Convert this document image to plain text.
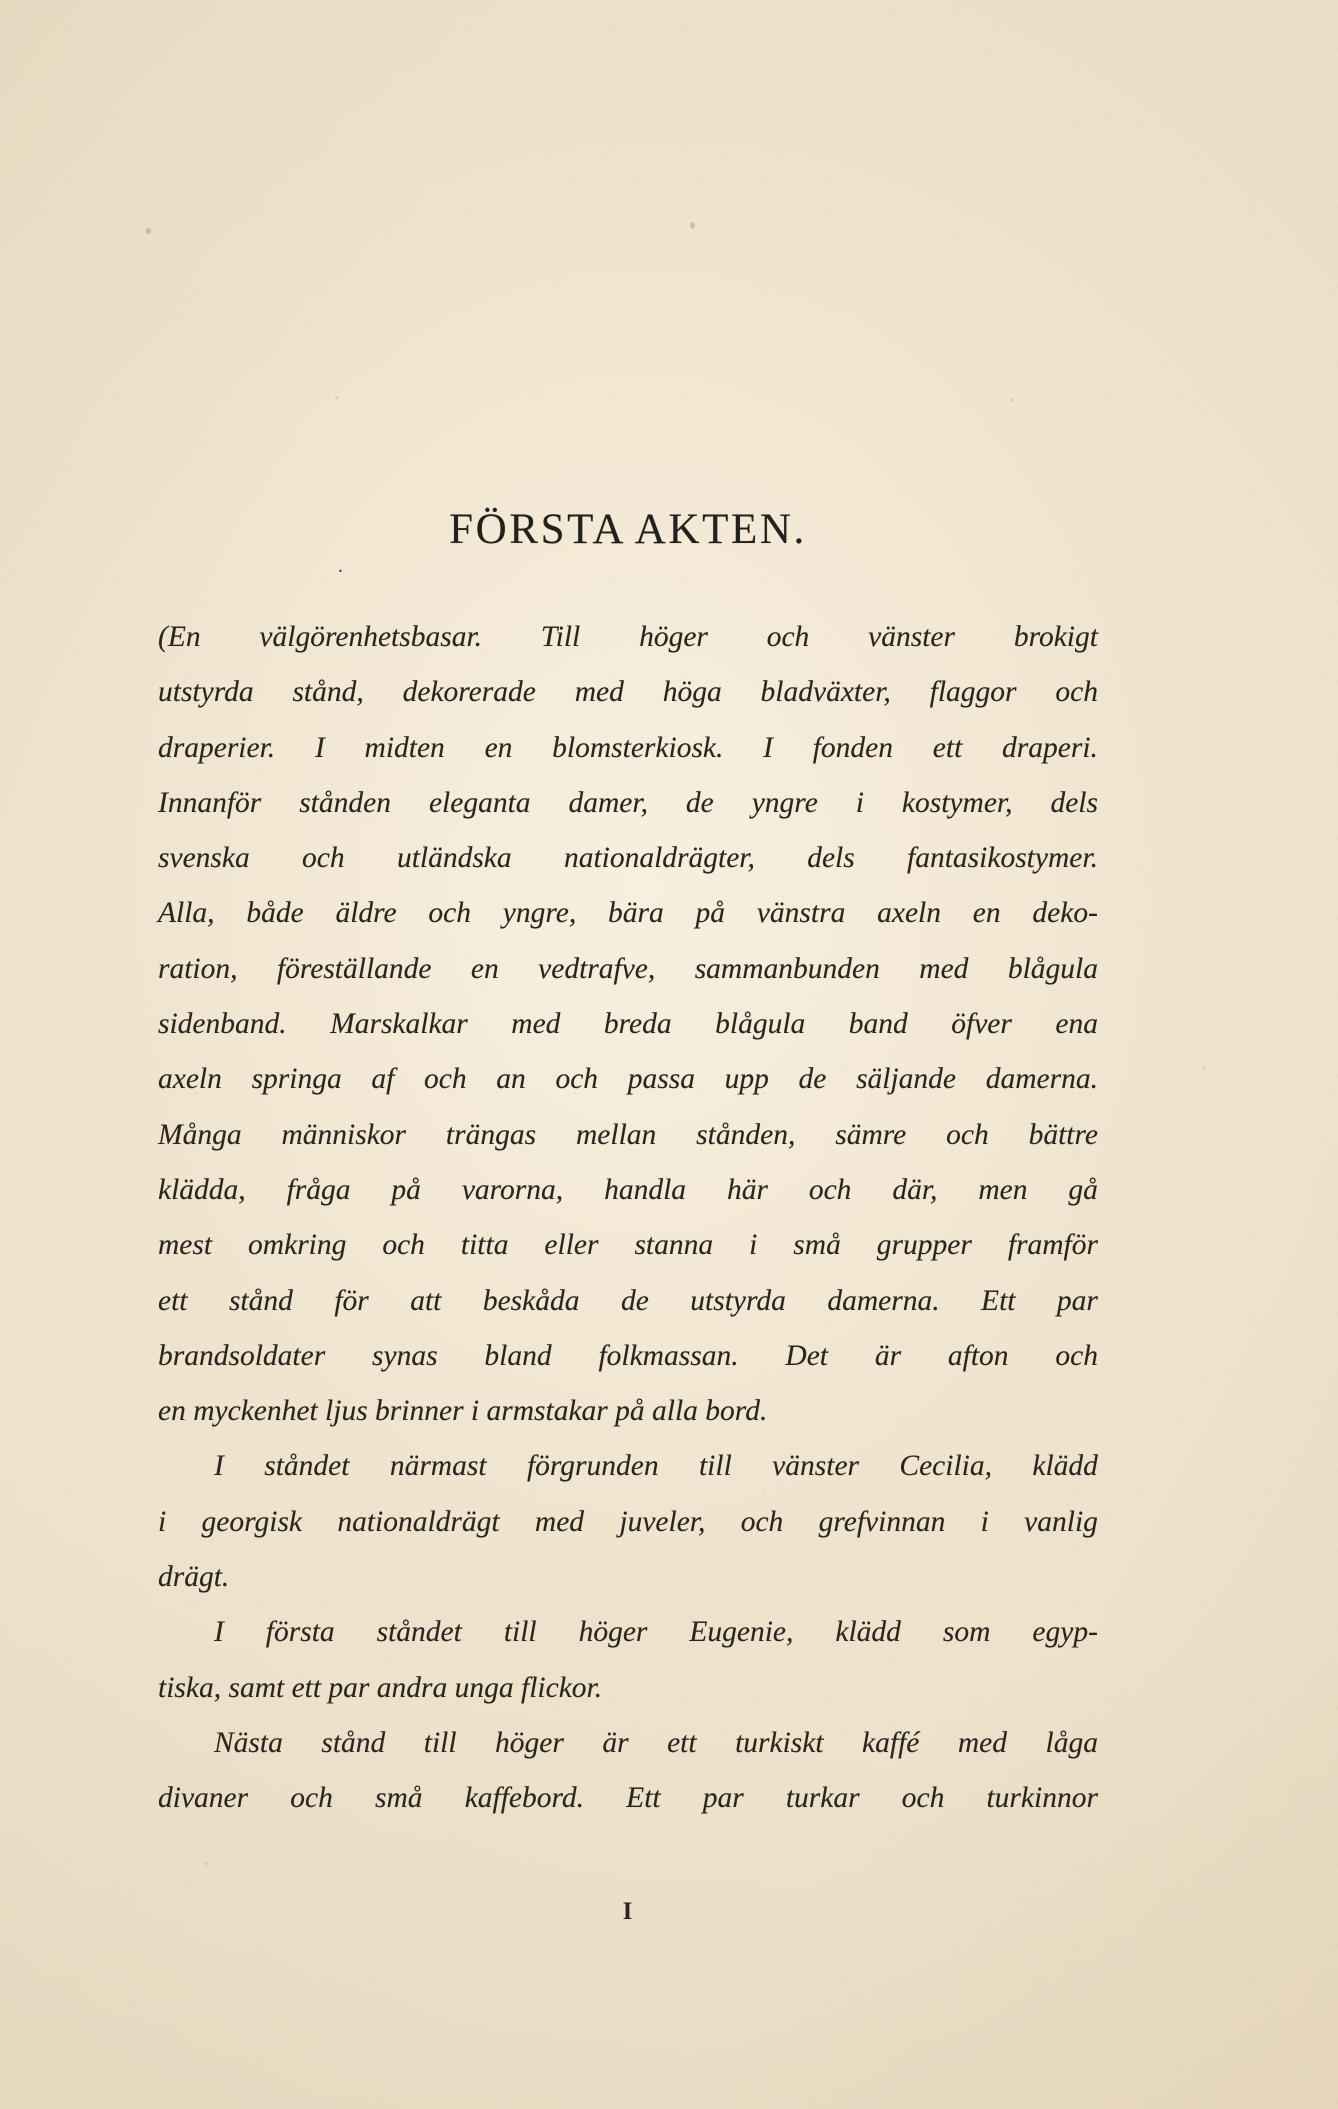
FÖRSTA AKTEN.
.

(En välgörenhetsbasar. Till höger och vänster brokigt
utstyrda stånd, dekorerade med höga bladväxter, flaggor och
draperier. I midten en blomsterkiosk. I fonden ett draperi.
Innanför stånden eleganta damer, de yngre i kostymer, dels
svenska och utländska nationaldrägter, dels fantasikostymer.
Alla, både äldre och yngre, bära på vänstra axeln en deko-
ration, föreställande en vedtrafve, sammanbunden med blågula
sidenband. Marskalkar med breda blågula band öfver ena
axeln springa af och an och passa upp de säljande damerna.
Många människor trängas mellan stånden, sämre och bättre
klädda, fråga på varorna, handla här och där, men gå
mest omkring och titta eller stanna i små grupper framför
ett stånd för att beskåda de utstyrda damerna. Ett par
brandsoldater synas bland folkmassan. Det är afton och
en myckenhet ljus brinner i armstakar på alla bord.

I ståndet närmast förgrunden till vänster Cecilia, klädd
i georgisk nationaldrägt med juveler, och grefvinnan i vanlig
drägt.

I första ståndet till höger Eugenie, klädd som egyp-
tiska, samt ett par andra unga flickor.

Nästa stånd till höger är ett turkiskt kaffé med låga
divaner och små kaffebord. Ett par turkar och turkinnor

I
